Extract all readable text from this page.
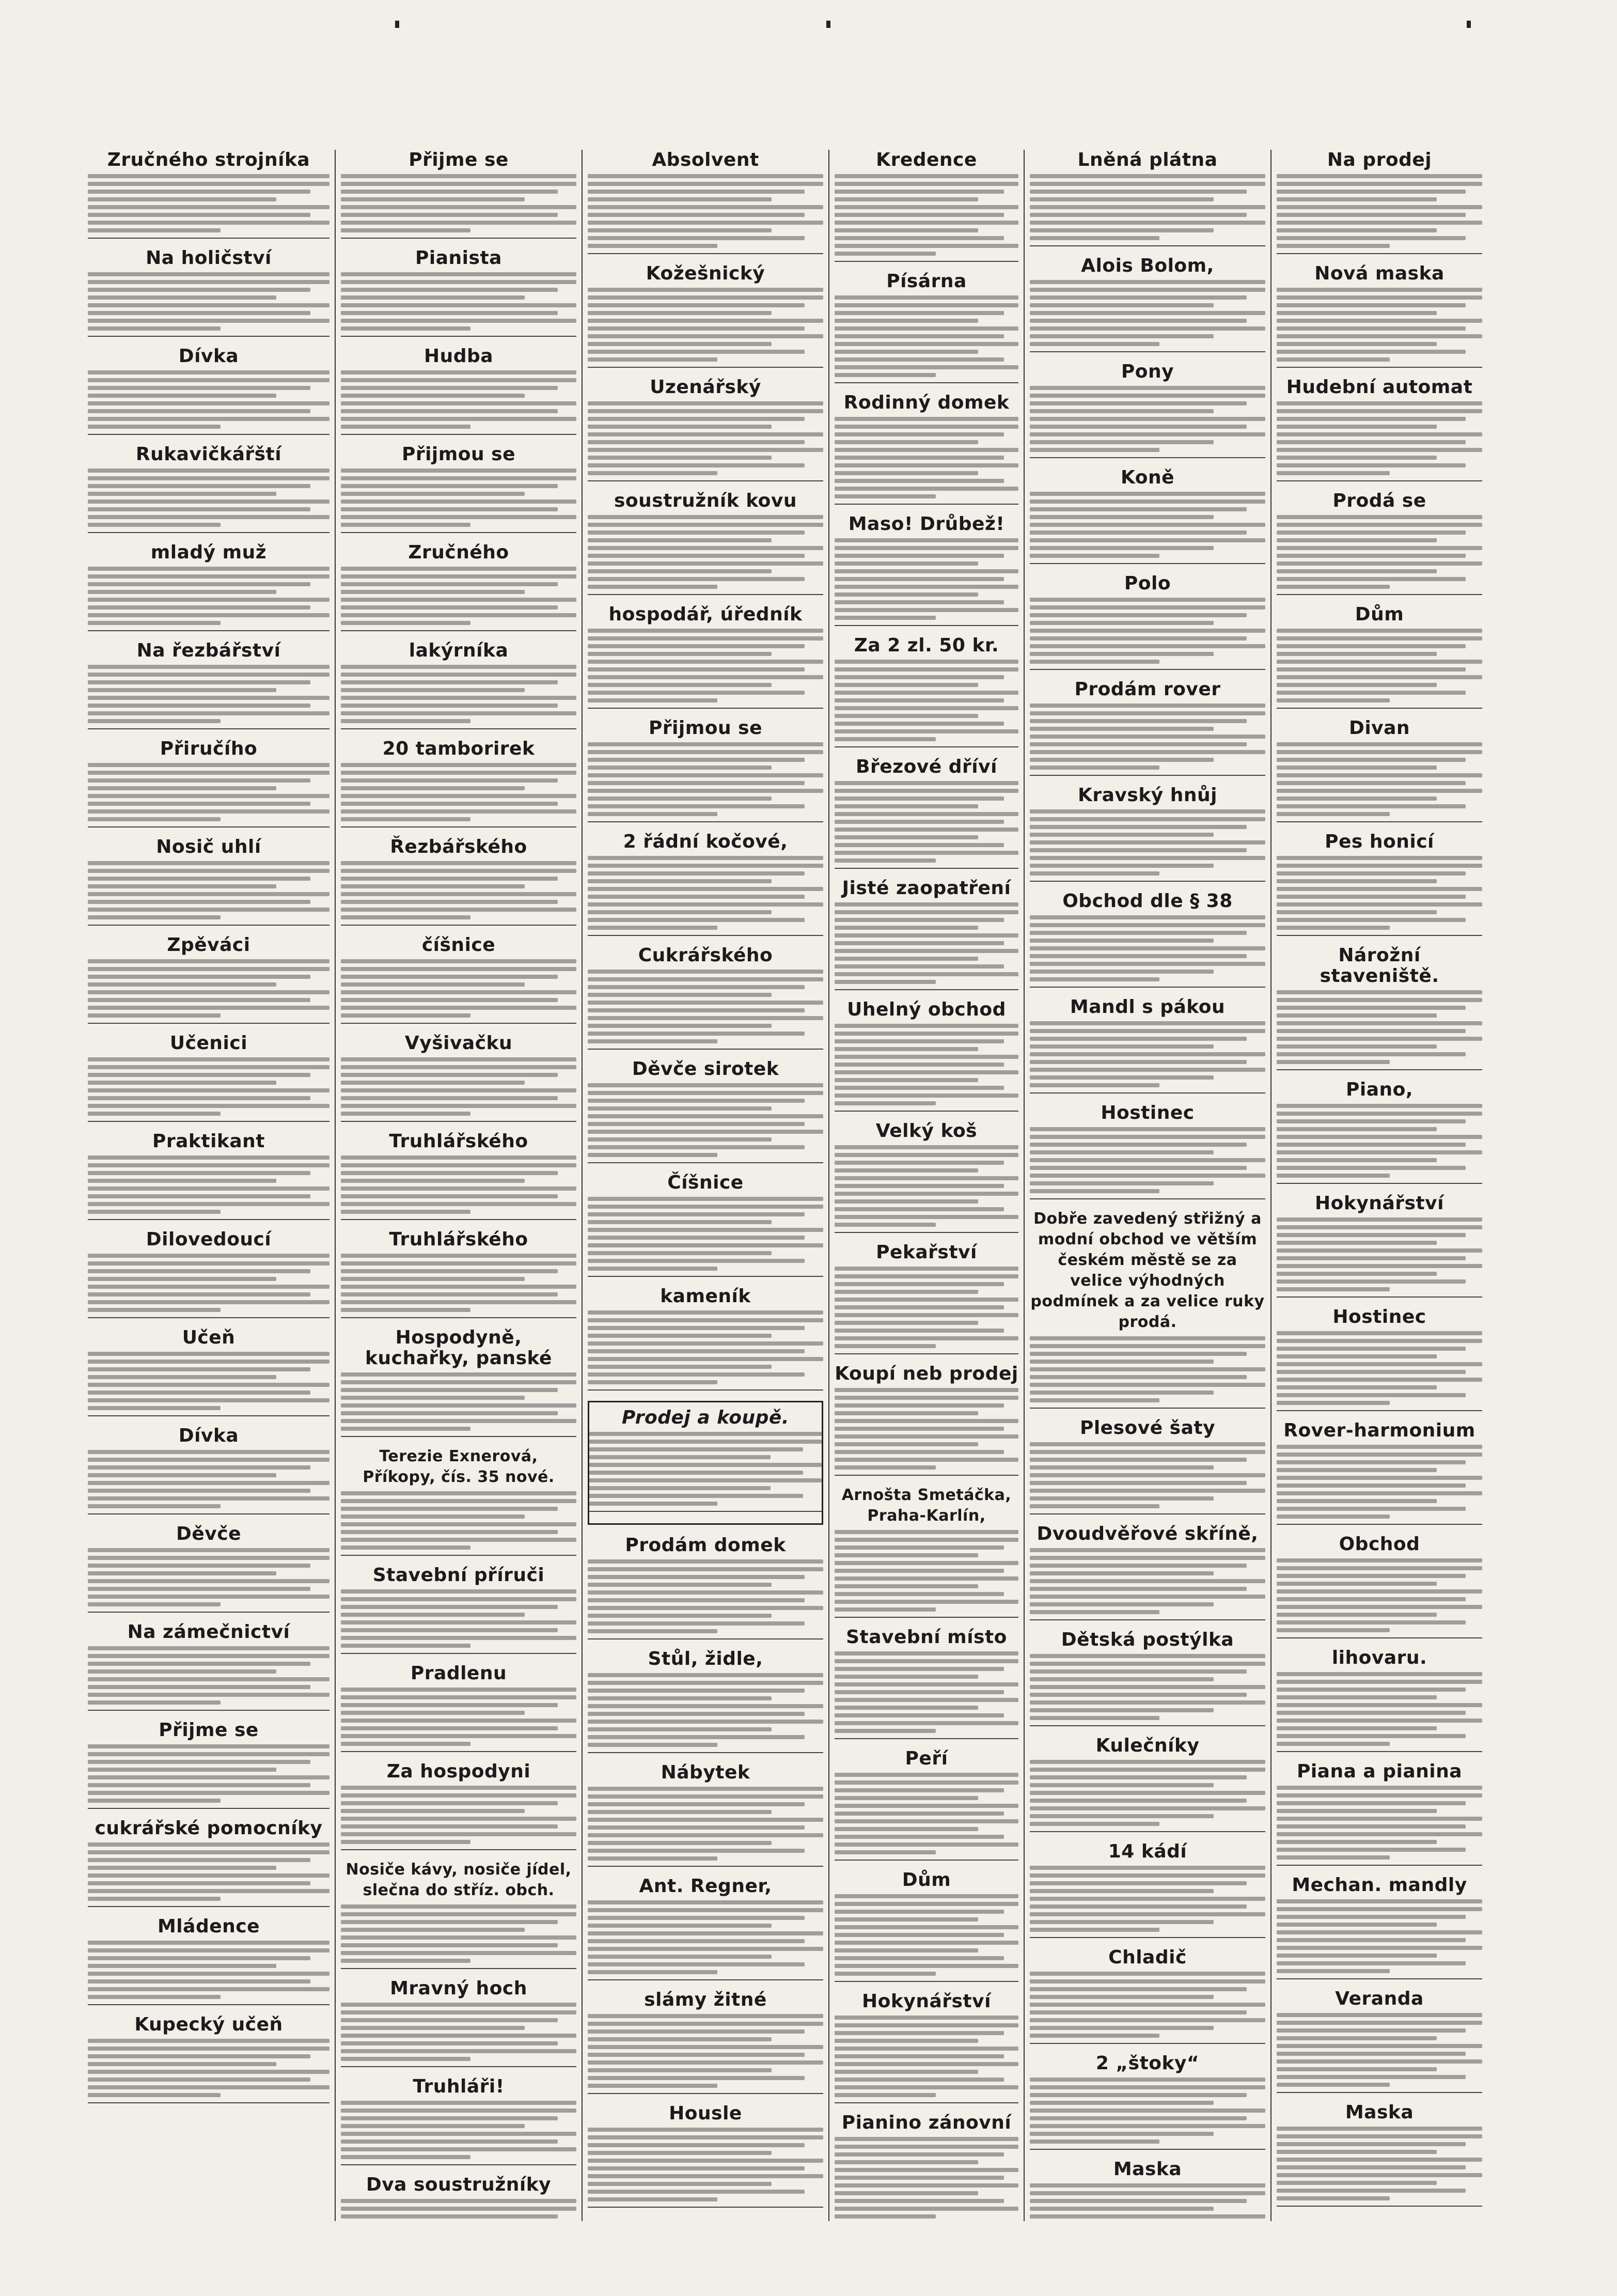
Zručného strojníka
Na holičství
Dívka
Rukavičkářští
mladý muž
Na řezbářství
Přiručího
Nosič uhlí
Zpěváci
Učenici
Praktikant
Dilovedoucí
Učeň
Dívka
Děvče
Na zámečnictví
Přijme se
cukrářské pomocníky
Mládence
Kupecký učeň
Přijme se
Pianista
Hudba
Přijmou se
Zručného
lakýrníka
20 tamborirek
Řezbářského
číšnice
Vyšivačku
Truhlářského
Truhlářského
Hospodyně, kuchařky, panské
Terezie Exnerová, Příkopy, čís. 35 nové.
Stavební příruči
Pradlenu
Za hospodyni
Nosiče kávy, nosiče jídel, slečna do stříz. obch.
Mravný hoch
Truhláři!
Dva soustružníky
Absolvent
Kožešnický
Uzenářský
soustružník kovu
hospodář, úředník
Přijmou se
2 řádní kočové,
Cukrářského
Děvče sirotek
Číšnice
kameník
Prodej a koupě.
Prodám domek
Stůl, židle,
Nábytek
Ant. Regner,
slámy žitné
Housle
Kredence
Písárna
Rodinný domek
Maso! Drůbež!
Za 2 zl. 50 kr.
Březové dříví
Jisté zaopatření
Uhelný obchod
Velký koš
Pekařství
Koupí neb prodej
Arnošta Smetáčka, Praha-Karlín,
Stavební místo
Peří
Dům
Hokynářství
Pianino zánovní
Lněná plátna
Alois Bolom,
Pony
Koně
Polo
Prodám rover
Kravský hnůj
Obchod dle § 38
Mandl s pákou
Hostinec
Dobře zavedený střižný a modní obchod ve větším českém městě se za velice výhodných podmínek a za velice ruky prodá.
Plesové šaty
Dvoudvěřové skříně,
Dětská postýlka
Kulečníky
14 kádí
Chladič
2 „štoky“
Maska
Na prodej
Nová maska
Hudební automat
Prodá se
Dům
Divan
Pes honicí
Nárožní staveniště.
Piano,
Hokynářství
Hostinec
Rover-harmonium
Obchod
lihovaru.
Piana a pianina
Mechan. mandly
Veranda
Maska
